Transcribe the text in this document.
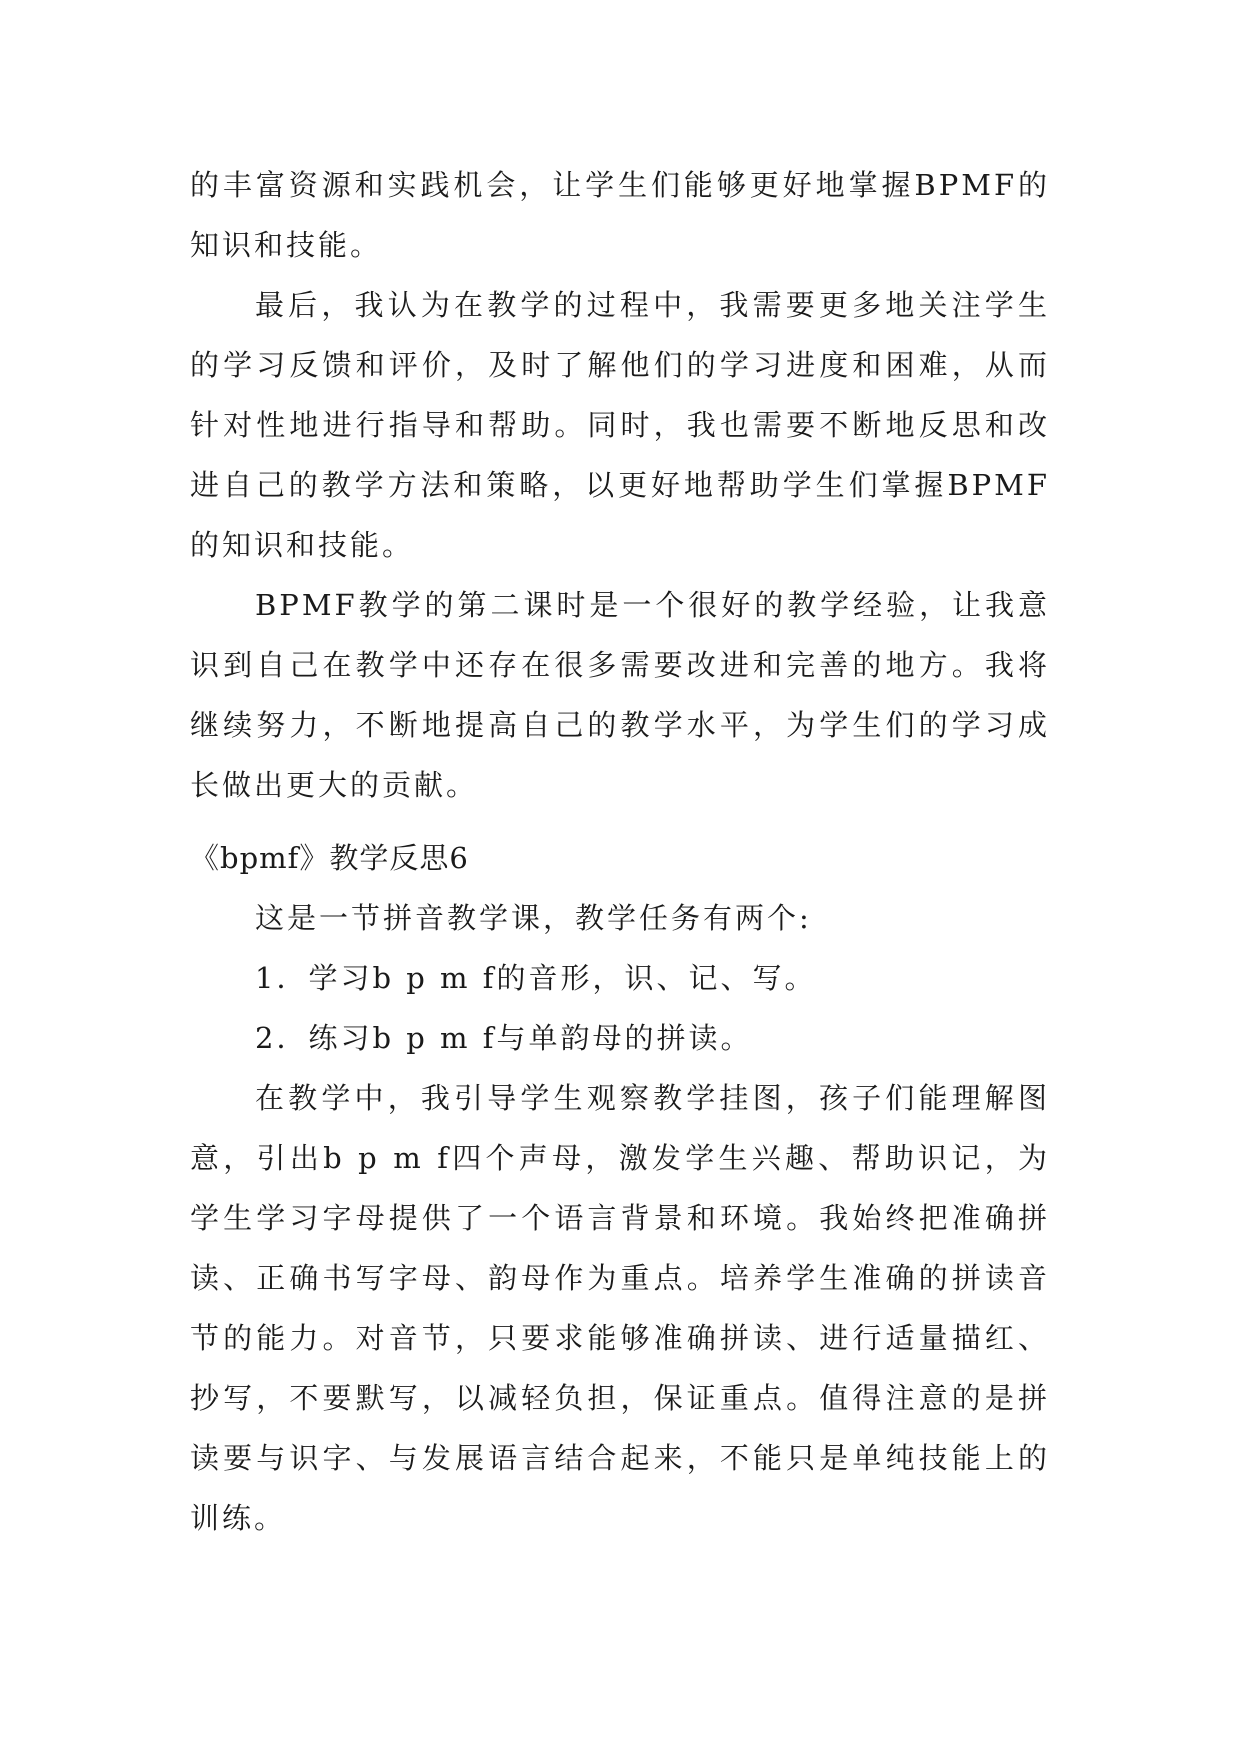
的丰富资源和实践机会，让学生们能够更好地掌握BPMF的知识和技能。

最后，我认为在教学的过程中，我需要更多地关注学生的学习反馈和评价，及时了解他们的学习进度和困难，从而针对性地进行指导和帮助。同时，我也需要不断地反思和改进自己的教学方法和策略，以更好地帮助学生们掌握BPMF的知识和技能。

BPMF教学的第二课时是一个很好的教学经验，让我意识到自己在教学中还存在很多需要改进和完善的地方。我将继续努力，不断地提高自己的教学水平，为学生们的学习成长做出更大的贡献。

《bpmf》教学反思6

这是一节拼音教学课，教学任务有两个:

1．学习b p m f的音形，识、记、写。

2．练习b p m f与单韵母的拼读。

在教学中，我引导学生观察教学挂图，孩子们能理解图意，引出b p m f四个声母，激发学生兴趣、帮助识记，为学生学习字母提供了一个语言背景和环境。我始终把准确拼读、正确书写字母、韵母作为重点。培养学生准确的拼读音节的能力。对音节，只要求能够准确拼读、进行适量描红、抄写，不要默写，以减轻负担，保证重点。值得注意的是拼读要与识字、与发展语言结合起来，不能只是单纯技能上的训练。
